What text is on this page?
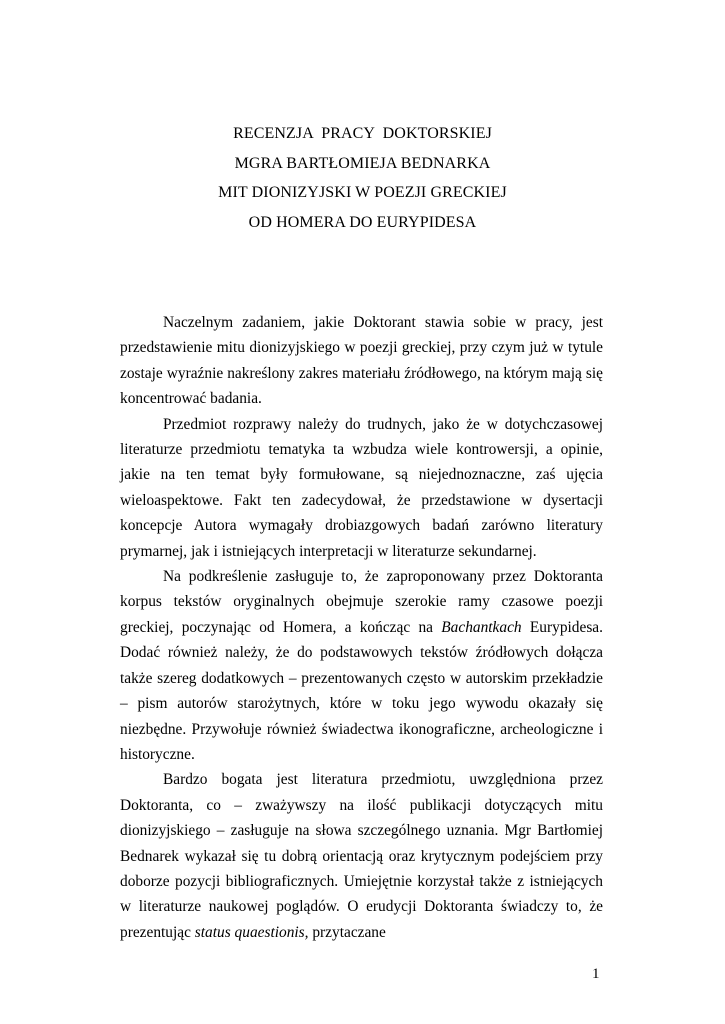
RECENZJA  PRACY  DOKTORSKIEJ
MGRA BARTŁOMIEJA BEDNARKA
MIT DIONIZYJSKI W POEZJI GRECKIEJ
OD HOMERA DO EURYPIDESA

Naczelnym zadaniem, jakie Doktorant stawia sobie w pracy, jest przedstawienie mitu dionizyjskiego w poezji greckiej, przy czym już w tytule zostaje wyraźnie nakreślony zakres materiału źródłowego, na którym mają się koncentrować badania.

Przedmiot rozprawy należy do trudnych, jako że w dotychczasowej literaturze przedmiotu tematyka ta wzbudza wiele kontrowersji, a opinie, jakie na ten temat były formułowane, są niejednoznaczne, zaś ujęcia wieloaspektowe. Fakt ten zadecydował, że przedstawione w dysertacji koncepcje Autora wymagały drobiazgowych badań zarówno literatury prymarnej, jak i istniejących interpretacji w literaturze sekundarnej.

Na podkreślenie zasługuje to, że zaproponowany przez Doktoranta korpus tekstów oryginalnych obejmuje szerokie ramy czasowe poezji greckiej, poczynając od Homera, a kończąc na Bachantkach Eurypidesa. Dodać również należy, że do podstawowych tekstów źródłowych dołącza także szereg dodatkowych – prezentowanych często w autorskim przekładzie – pism autorów starożytnych, które w toku jego wywodu okazały się niezbędne. Przywołuje również świadectwa ikonograficzne, archeologiczne i historyczne.

Bardzo bogata jest literatura przedmiotu, uwzględniona przez Doktoranta, co – zważywszy na ilość publikacji dotyczących mitu dionizyjskiego – zasługuje na słowa szczególnego uznania. Mgr Bartłomiej Bednarek wykazał się tu dobrą orientacją oraz krytycznym podejściem przy doborze pozycji bibliograficznych. Umiejętnie korzystał także z istniejących w literaturze naukowej poglądów. O erudycji Doktoranta świadczy to, że prezentując status quaestionis, przytaczane

1
